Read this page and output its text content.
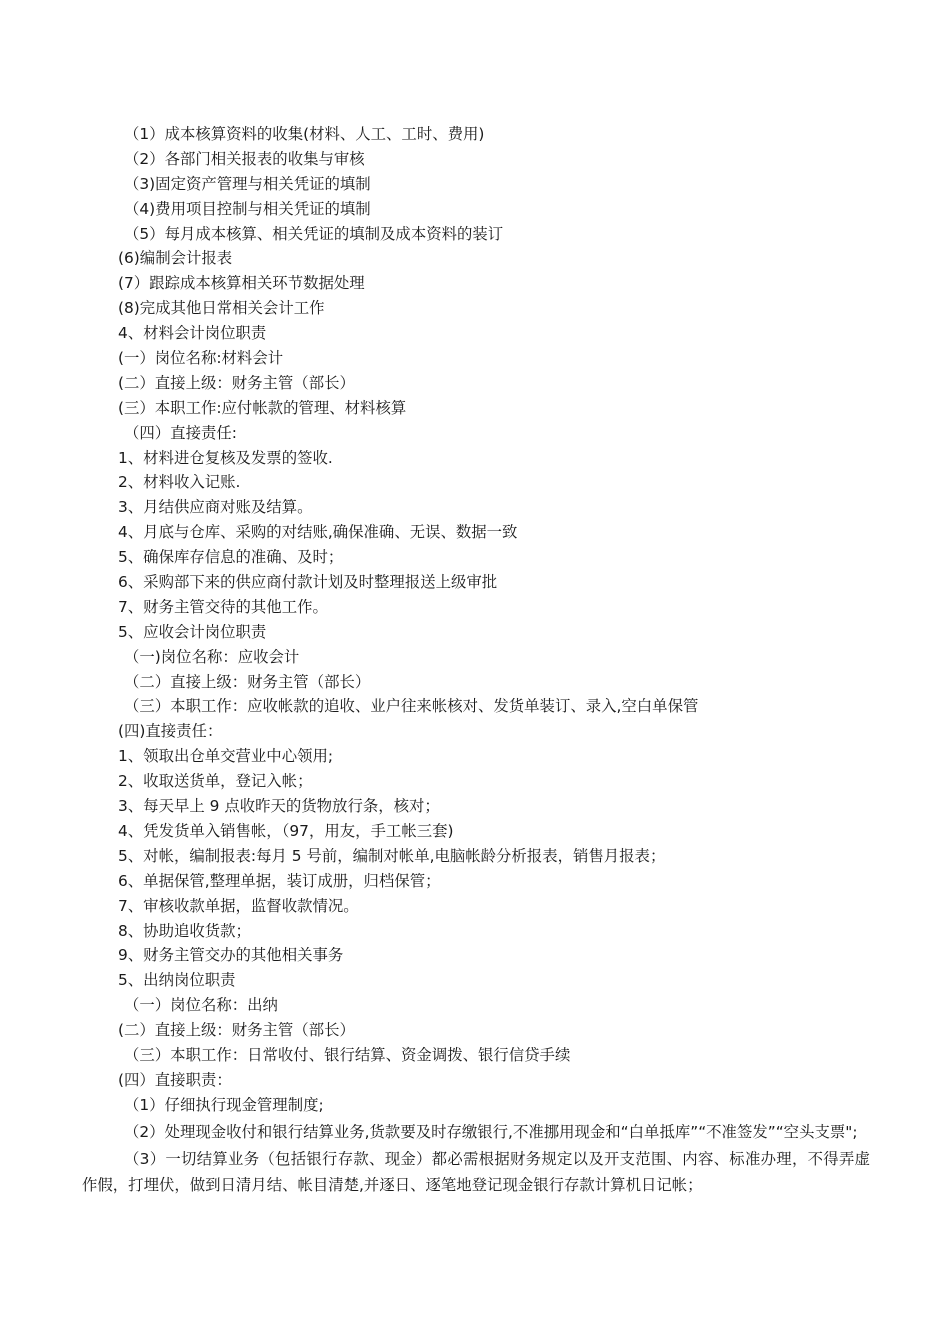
（1）成本核算资料的收集(材料、人工、工时、费用)
（2）各部门相关报表的收集与审核
（3)固定资产管理与相关凭证的填制
（4)费用项目控制与相关凭证的填制
（5）每月成本核算、相关凭证的填制及成本资料的装订
(6)编制会计报表
(7）跟踪成本核算相关环节数据处理
(8)完成其他日常相关会计工作
4、材料会计岗位职责
(一）岗位名称:材料会计
(二）直接上级：财务主管（部长）
(三）本职工作:应付帐款的管理、材料核算
（四）直接责任:
1、材料进仓复核及发票的签收.
2、材料收入记账.
3、月结供应商对账及结算。
4、月底与仓库、采购的对结账,确保准确、无误、数据一致
5、确保库存信息的准确、及时；
6、采购部下来的供应商付款计划及时整理报送上级审批
7、财务主管交待的其他工作。
5、应收会计岗位职责
（一)岗位名称：应收会计
（二）直接上级：财务主管（部长）
（三）本职工作：应收帐款的追收、业户往来帐核对、发货单装订、录入,空白单保管
(四)直接责任：
1、领取出仓单交营业中心领用;
2、收取送货单，登记入帐；
3、每天早上 9 点收昨天的货物放行条，核对；
4、凭发货单入销售帐，（97，用友，手工帐三套)
5、对帐，编制报表:每月 5 号前，编制对帐单,电脑帐龄分析报表，销售月报表；
6、单据保管,整理单据，装订成册，归档保管；
7、审核收款单据，监督收款情况。
8、协助追收货款；
9、财务主管交办的其他相关事务
5、出纳岗位职责
（一）岗位名称：出纳
(二）直接上级：财务主管（部长）
（三）本职工作：日常收付、银行结算、资金调拨、银行信贷手续
(四）直接职责：
（1）仔细执行现金管理制度;
（2）处理现金收付和银行结算业务,货款要及时存缴银行,不准挪用现金和“白单抵库”“不准签发”“空头支票";
（3）一切结算业务（包括银行存款、现金）都必需根据财务规定以及开支范围、内容、标准办理，不得弄虚作假，打埋伏，做到日清月结、帐目清楚,并逐日、逐笔地登记现金银行存款计算机日记帐；
